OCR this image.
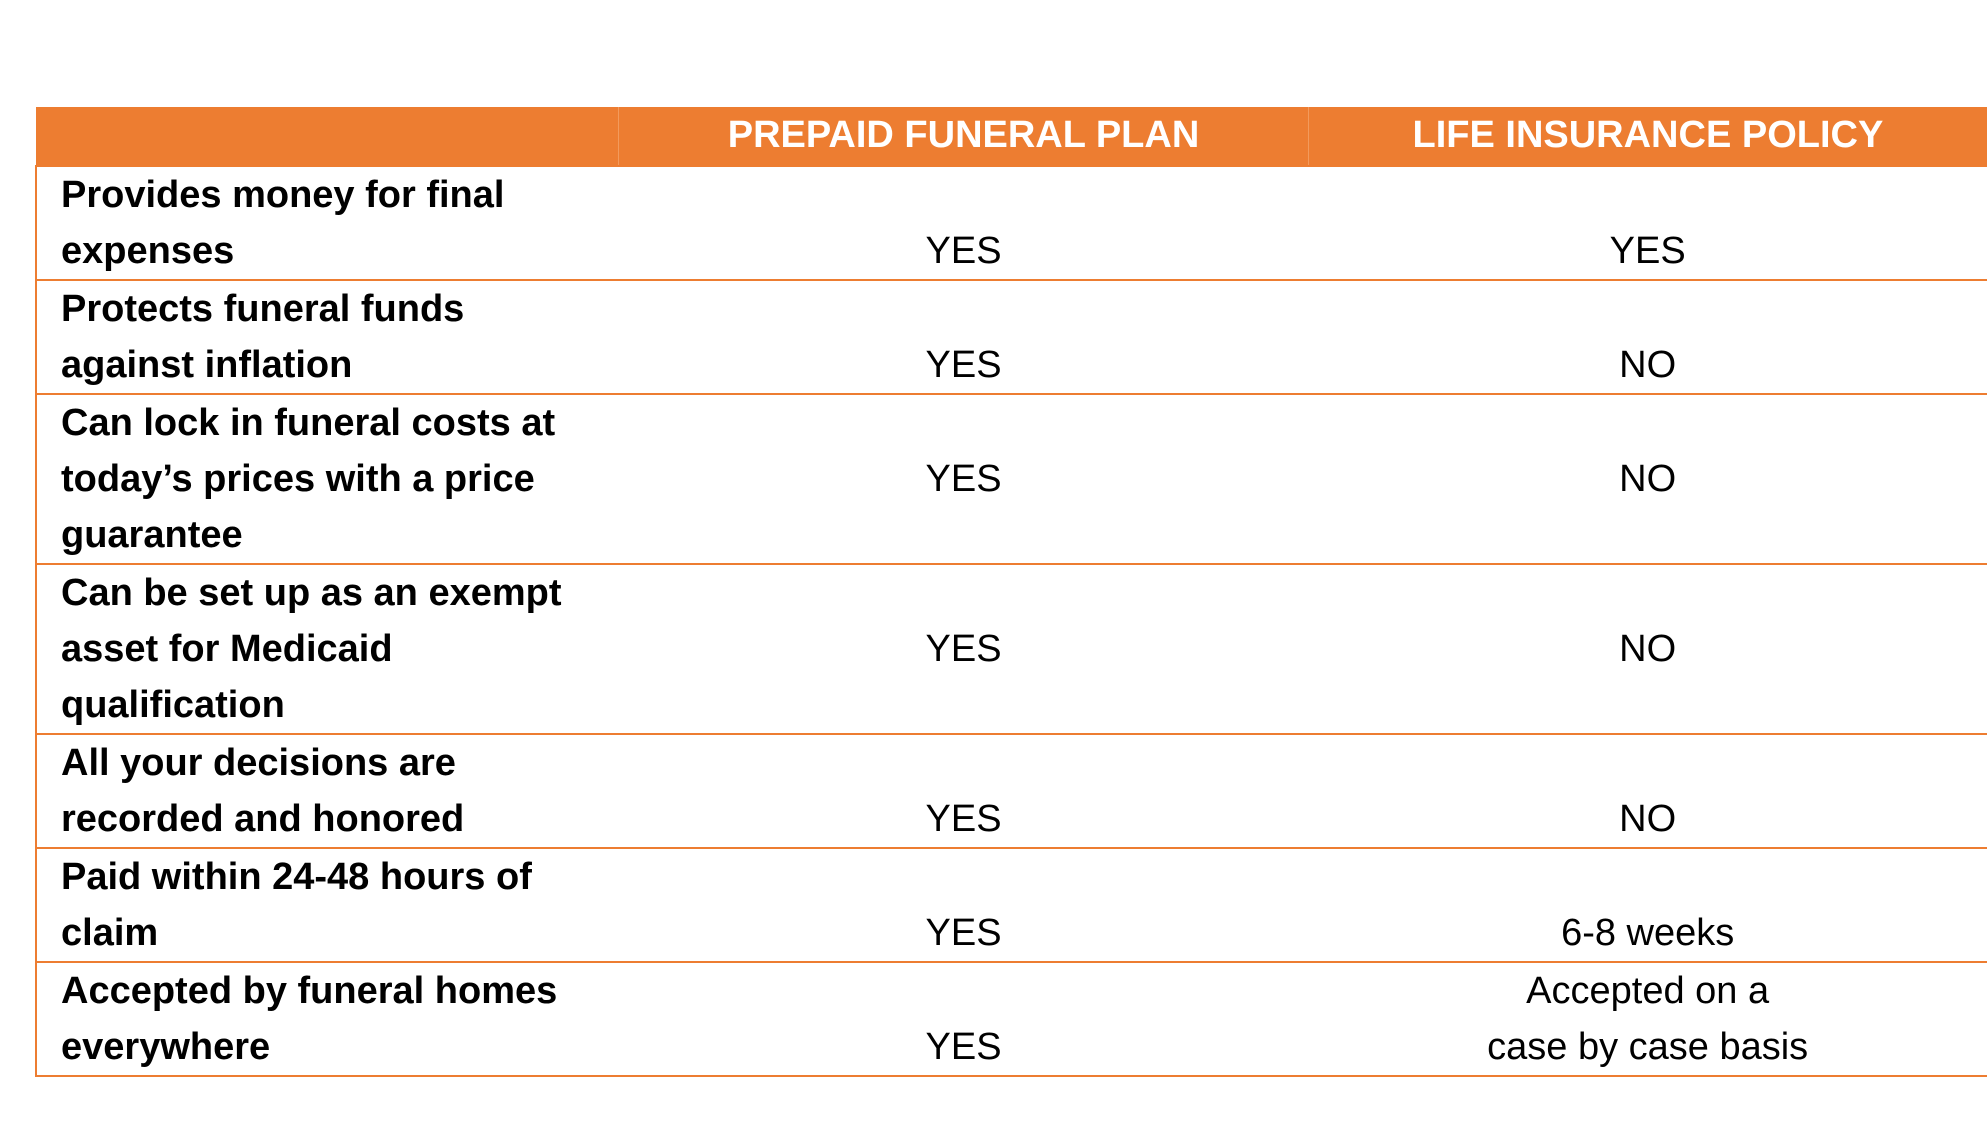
	PREPAID FUNERAL PLAN	LIFE INSURANCE POLICY

Provides money for final
expenses	YES	YES

Protects funeral funds
against inflation	YES	NO

Can lock in funeral costs at
today’s prices with a price
guarantee	YES	NO

Can be set up as an exempt
asset for Medicaid
qualification	YES	NO

All your decisions are
recorded and honored	YES	NO

Paid within 24-48 hours of
claim	YES	6-8 weeks

Accepted by funeral homes
everywhere	YES	Accepted on a
case by case basis
